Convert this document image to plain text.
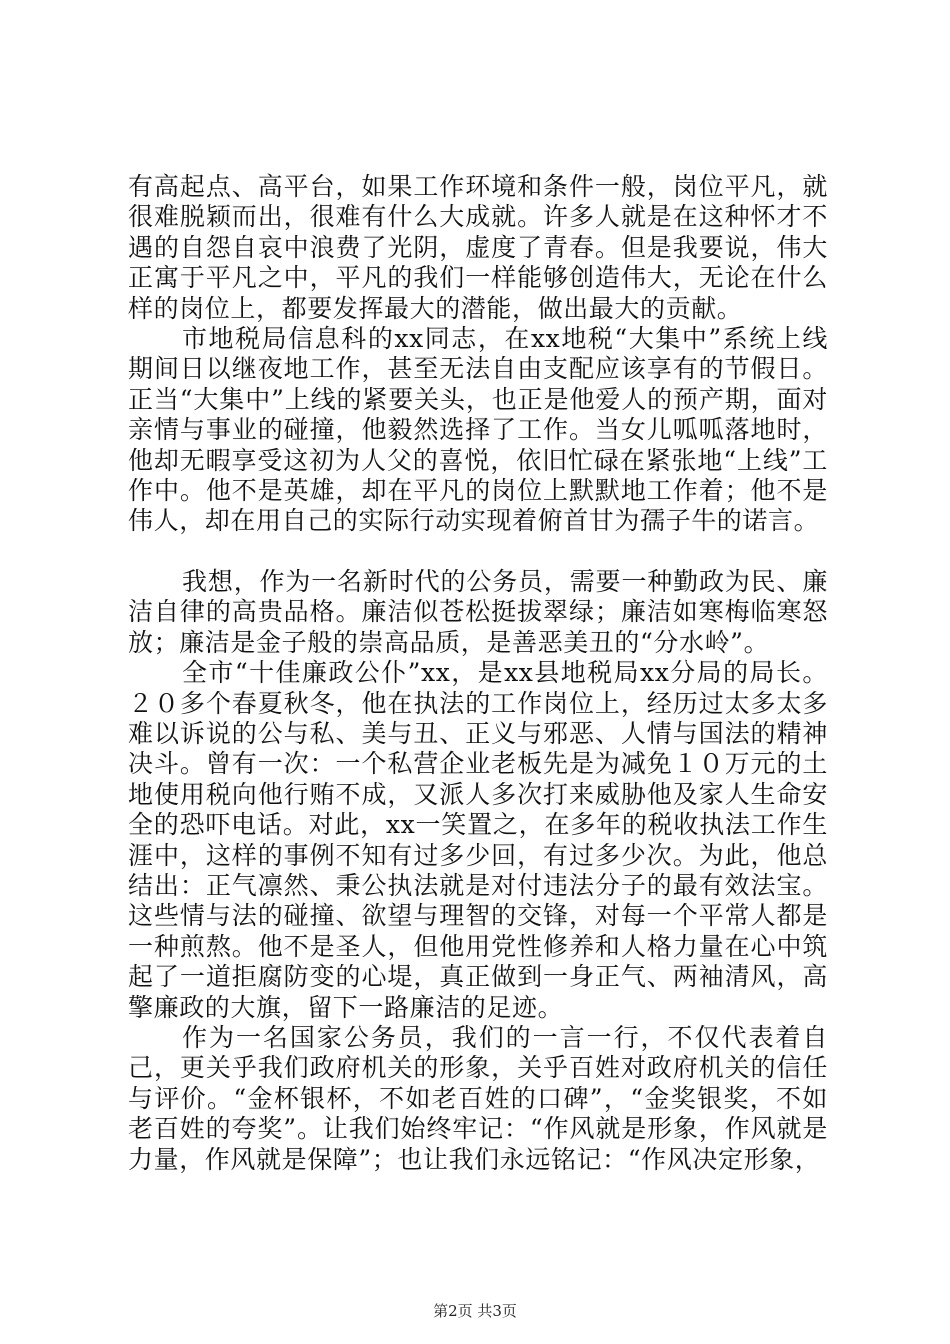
有高起点、高平台，如果工作环境和条件一般，岗位平凡，就很难脱颖而出，很难有什么大成就。许多人就是在这种怀才不遇的自怨自哀中浪费了光阴，虚度了青春。但是我要说，伟大正寓于平凡之中，平凡的我们一样能够创造伟大，无论在什么样的岗位上，都要发挥最大的潜能，做出最大的贡献。

市地税局信息科的xx同志，在xx地税“大集中”系统上线期间日以继夜地工作，甚至无法自由支配应该享有的节假日。正当“大集中”上线的紧要关头，也正是他爱人的预产期，面对亲情与事业的碰撞，他毅然选择了工作。当女儿呱呱落地时，他却无暇享受这初为人父的喜悦，依旧忙碌在紧张地“上线”工作中。他不是英雄，却在平凡的岗位上默默地工作着；他不是伟人，却在用自己的实际行动实现着俯首甘为孺子牛的诺言。

我想，作为一名新时代的公务员，需要一种勤政为民、廉洁自律的高贵品格。廉洁似苍松挺拔翠绿；廉洁如寒梅临寒怒放；廉洁是金子般的崇高品质，是善恶美丑的“分水岭”。

全市“十佳廉政公仆”xx，是xx县地税局xx分局的局长。２０多个春夏秋冬，他在执法的工作岗位上，经历过太多太多难以诉说的公与私、美与丑、正义与邪恶、人情与国法的精神决斗。曾有一次：一个私营企业老板先是为减免１０万元的土地使用税向他行贿不成，又派人多次打来威胁他及家人生命安全的恐吓电话。对此，xx一笑置之，在多年的税收执法工作生涯中，这样的事例不知有过多少回，有过多少次。为此，他总结出：正气凛然、秉公执法就是对付违法分子的最有效法宝。这些情与法的碰撞、欲望与理智的交锋，对每一个平常人都是一种煎熬。他不是圣人，但他用党性修养和人格力量在心中筑起了一道拒腐防变的心堤，真正做到一身正气、两袖清风，高擎廉政的大旗，留下一路廉洁的足迹。

作为一名国家公务员，我们的一言一行，不仅代表着自己，更关乎我们政府机关的形象，关乎百姓对政府机关的信任与评价。“金杯银杯，不如老百姓的口碑”，“金奖银奖，不如老百姓的夸奖”。让我们始终牢记：“作风就是形象，作风就是力量，作风就是保障”；也让我们永远铭记：“作风决定形象，

第2页 共3页
